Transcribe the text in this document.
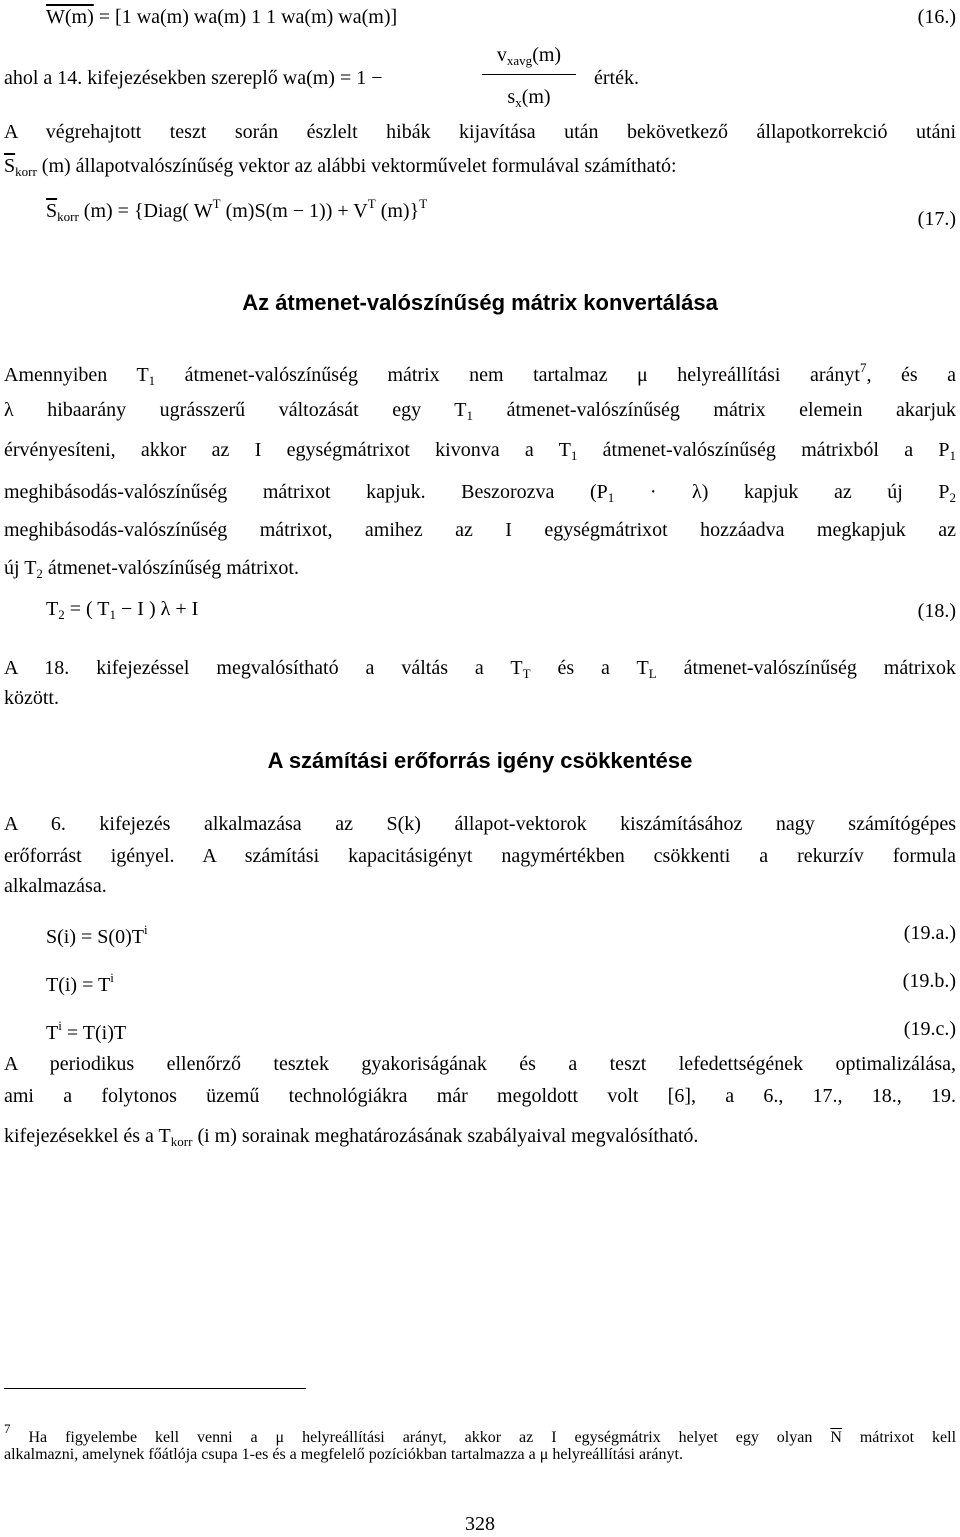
W(m) = [1 wa(m) wa(m) 1 1 wa(m) wa(m)]	(16.)
ahol a 14. kifejezésekben szereplő wa(m) = 1 −
$v_{xavg}(m)$
$s_x(m)$
érték.
A végrehajtott teszt során észlelt hibák kijavítása után bekövetkező állapotkorrekció utáni
$\overline{S}_{korr}$ (m) állapotvalószínűség vektor az alábbi vektorművelet formulával számítható:
$\overline{S}_{korr}$ (m) = {Diag( $W^T$ $(m)S(m - 1)) + V^T$ (m)}$^T$
(17.)
Az átmenet-valószínűség mátrix konvertálása
Amennyiben $T_1$ átmenet-valószínűség mátrix nem tartalmaz μ helyreállítási arányt$^7$, és a
λ hibaarány ugrásszerű változását egy $T_1$ átmenet-valószínűség mátrix elemein akarjuk
érvényesíteni, akkor az I egységmátrixot kivonva a $T_1$ átmenet-valószínűség mátrixból a $P_1$
meghibásodás-valószínűség mátrixot kapjuk. Beszorozva $(P_1 \cdot \lambda)$ kapjuk az új $P_2$
meghibásodás-valószínűség mátrixot, amihez az I egységmátrixot hozzáadva megkapjuk az
új $T_2$ átmenet-valószínűség mátrixot.
$T_2$ = ( $T_1 - I$ ) λ + I	(18.)
A 18. kifejezéssel megvalósítható a váltás a $T_T$ és a $T_L$ átmenet-valószínűség mátrixok
között.
A számítási erőforrás igény csökkentése
A 6. kifejezés alkalmazása az S(k) állapot-vektorok kiszámításához nagy számítógépes
erőforrást igényel. A számítási kapacitásigényt nagymértékben csökkenti a rekurzív formula
alkalmazása.
$S(i) = S(0)T^i$	(19.a.)
$T(i) = T^i$	(19.b.)
$T^i = T(i)T$	(19.c.)
A periodikus ellenőrző tesztek gyakoriságának és a teszt lefedettségének optimalizálása,
ami a folytonos üzemű technológiákra már megoldott volt [6], a 6., 17., 18., 19.
kifejezésekkel és a $T_{korr}$ (i m) sorainak meghatározásának szabályaival megvalósítható.
$^7$ Ha figyelembe kell venni a μ helyreállítási arányt, akkor az I egységmátrix helyet egy olyan $\overline{N}$ mátrixot kell
alkalmazni, amelynek főátlója csupa 1-es és a megfelelő pozíciókban tartalmazza a μ helyreállítási arányt.
328
